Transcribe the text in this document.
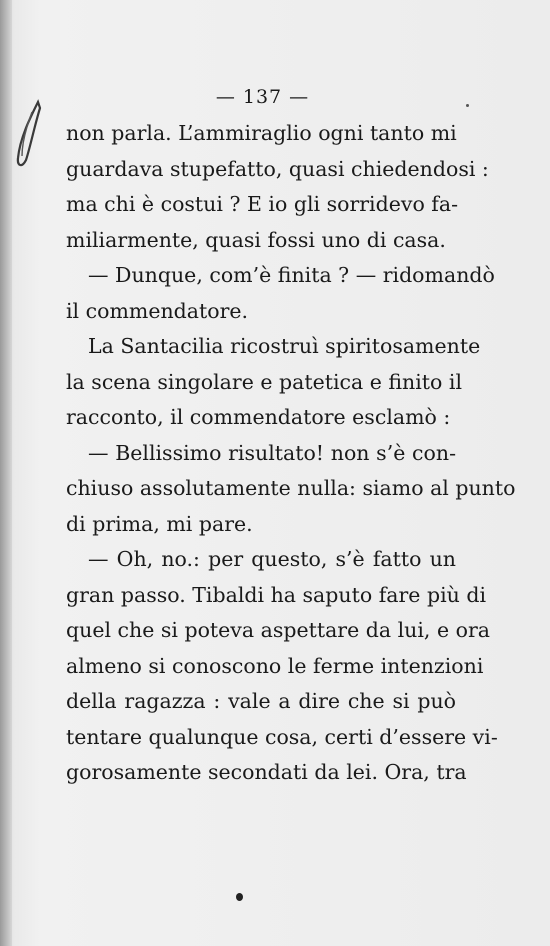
— 137 —
non parla. L’ammiraglio ogni tanto mi
guardava stupefatto, quasi chiedendosi :
ma chi è costui ? E io gli sorridevo fa-
miliarmente, quasi fossi uno di casa.
— Dunque, com’è finita ? — ridomandò
il commendatore.
La Santacilia ricostruì spiritosamente
la scena singolare e patetica e finito il
racconto, il commendatore esclamò :
— Bellissimo risultato! non s’è con-
chiuso assolutamente nulla: siamo al punto
di prima, mi pare.
— Oh, no.: per questo, s’è fatto un
gran passo. Tibaldi ha saputo fare più di
quel che si poteva aspettare da lui, e ora
almeno si conoscono le ferme intenzioni
della ragazza : vale a dire che si può
tentare qualunque cosa, certi d’essere vi-
gorosamente secondati da lei. Ora, tra
